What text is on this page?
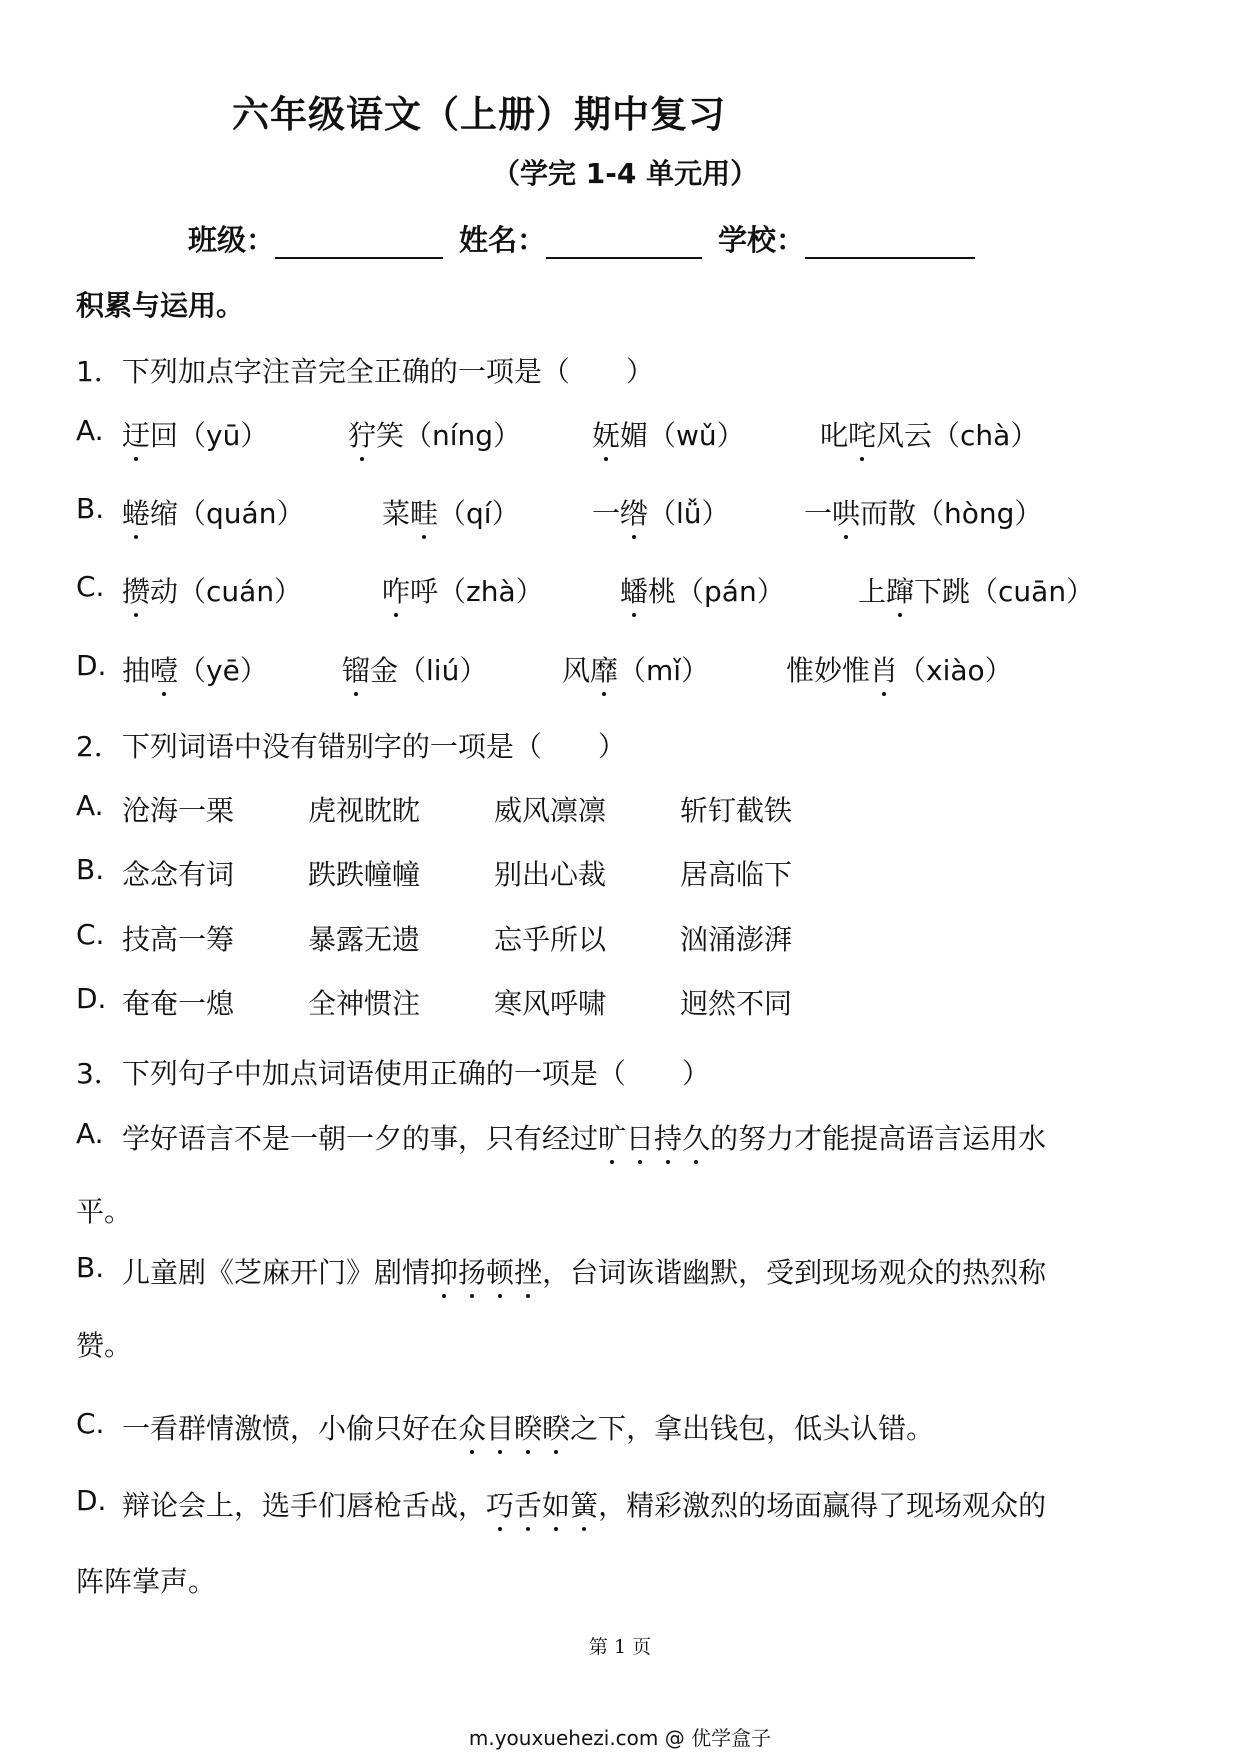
六年级语文（上册）期中复习
（学完 1-4 单元用）
班级：	姓名：	学校：
积累与运用。
1．下列加点字注音完全正确的一项是（　　）
A. 迂回（yū）	狞笑（níng）	妩媚（wǔ）	叱咤风云（chà）
B. 蜷缩（quán）	菜畦（qí）	一绺（lǚ）	一哄而散（hòng）
C. 攒动（cuán）	咋呼（zhà）	蟠桃（pán）	上蹿下跳（cuān）
D. 抽噎（yē）	镏金（liú）	风靡（mǐ）	惟妙惟肖（xiào）
2．下列词语中没有错别字的一项是（　　）
A. 沧海一栗	虎视眈眈	威风凛凛	斩钉截铁
B. 念念有词	跌跌幢幢	别出心裁	居高临下
C. 技高一筹	暴露无遗	忘乎所以	汹涌澎湃
D. 奄奄一熄	全神惯注	寒风呼啸	迥然不同
3．下列句子中加点词语使用正确的一项是（　　）
A. 学好语言不是一朝一夕的事，只有经过旷日持久的努力才能提高语言运用水
平。
B. 儿童剧《芝麻开门》剧情抑扬顿挫，台词诙谐幽默，受到现场观众的热烈称
赞。
C. 一看群情激愤，小偷只好在众目睽睽之下，拿出钱包，低头认错。
D. 辩论会上，选手们唇枪舌战，巧舌如簧，精彩激烈的场面赢得了现场观众的
阵阵掌声。
第 1 页
m.youxuehezi.com @ 优学盒子
